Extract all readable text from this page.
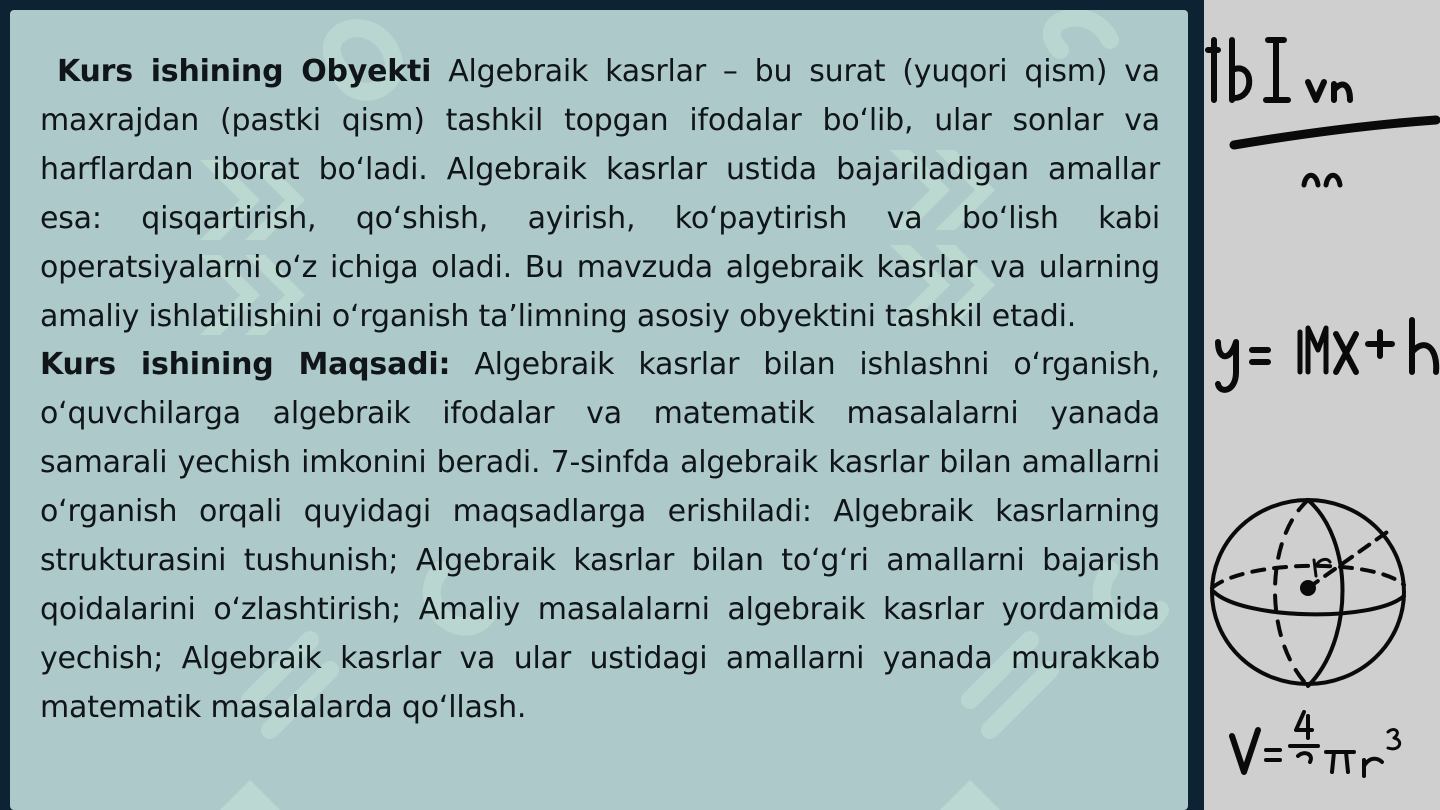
Kurs ishining Obyekti Algebraik kasrlar – bu surat (yuqori qism) va maxrajdan (pastki qism) tashkil topgan ifodalar boʻlib, ular sonlar va harflardan iborat boʻladi. Algebraik kasrlar ustida bajariladigan amallar esa: qisqartirish, qoʻshish, ayirish, koʻpaytirish va boʻlish kabi operatsiyalarni oʻz ichiga oladi. Bu mavzuda algebraik kasrlar va ularning amaliy ishlatilishini oʻrganish taʼlimning asosiy obyektini tashkil etadi.

Kurs ishining Maqsadi: Algebraik kasrlar bilan ishlashni oʻrganish, oʻquvchilarga algebraik ifodalar va matematik masalalarni yanada samarali yechish imkonini beradi. 7-sinfda algebraik kasrlar bilan amallarni oʻrganish orqali quyidagi maqsadlarga erishiladi: Algebraik kasrlarning strukturasini tushunish; Algebraik kasrlar bilan toʻgʻri amallarni bajarish qoidalarini oʻzlashtirish; Amaliy masalalarni algebraik kasrlar yordamida yechish; Algebraik kasrlar va ular ustidagi amallarni yanada murakkab matematik masalalarda qoʻllash.
